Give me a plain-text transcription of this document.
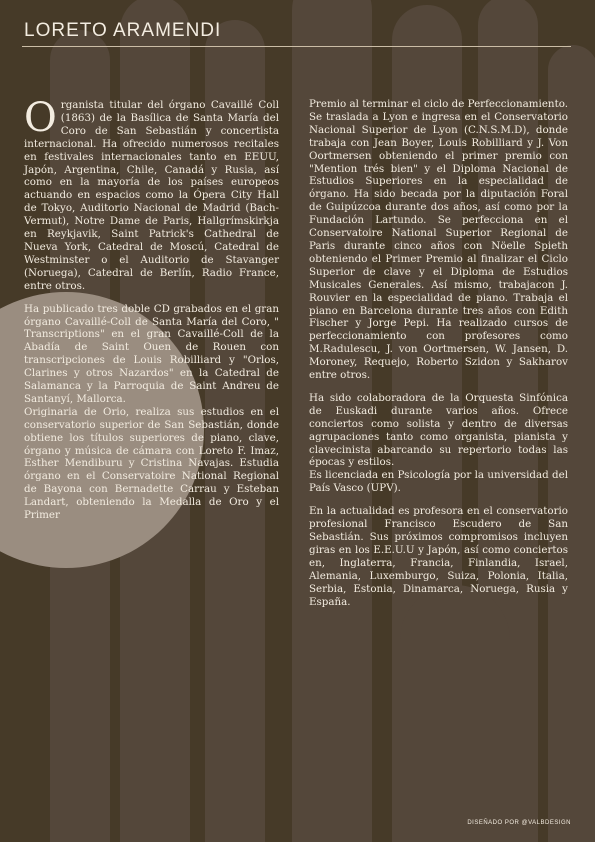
LORETO ARAMENDI

Organista titular del órgano Cavaillé Coll (1863) de la Basílica de Santa María del Coro de San Sebastián y concertista internacional. Ha ofrecido numerosos recitales en festivales internacionales tanto en EEUU, Japón, Argentina, Chile, Canadá y Rusia, así como en la mayoría de los países europeos actuando en espacios como la Ópera City Hall de Tokyo, Auditorio Nacional de Madrid (Bach-Vermut), Notre Dame de Paris, Hallgrímskirkja en Reykjavik, Saint Patrick's Cathedral de Nueva York, Catedral de Moscú, Catedral de Westminster o el Auditorio de Stavanger (Noruega), Catedral de Berlín, Radio France, entre otros.

Ha publicado tres doble CD grabados en el gran órgano Cavaillé-Coll de Santa María del Coro, " Transcriptions" en el gran Cavaillé-Coll de la Abadía de Saint Ouen de Rouen con transcripciones de Louis Robilliard y "Orlos, Clarines y otros Nazardos" en la Catedral de Salamanca y la Parroquia de Saint Andreu de Santanyí, Mallorca.

Originaria de Orio, realiza sus estudios en el conservatorio superior de San Sebastián, donde obtiene los títulos superiores de piano, clave, órgano y música de cámara con Loreto F. Imaz, Esther Mendiburu y Cristina Navajas. Estudia órgano en el Conservatoire National Regional de Bayona con Bernadette Carrau y Esteban Landart, obteniendo la Medalla de Oro y el Primer

Premio al terminar el ciclo de Perfeccionamiento. Se traslada a Lyon e ingresa en el Conservatorio Nacional Superior de Lyon (C.N.S.M.D), donde trabaja con Jean Boyer, Louis Robilliard y J. Von Oortmersen obteniendo el primer premio con "Mention trés bien" y el Diploma Nacional de Estudios Superiores en la especialidad de órgano. Ha sido becada por la diputación Foral de Guipúzcoa durante dos años, así como por la Fundación Lartundo. Se perfecciona en el Conservatoire National Superior Regional de Paris durante cinco años con Nöelle Spieth obteniendo el Primer Premio al finalizar el Ciclo Superior de clave y el Diploma de Estudios Musicales Generales. Así mismo, trabajacon J. Rouvier en la especialidad de piano. Trabaja el piano en Barcelona durante tres años con Edith Fischer y Jorge Pepi. Ha realizado cursos de perfeccionamiento con profesores como M.Radulescu, J. von Oortmersen, W. Jansen, D. Moroney, Requejo, Roberto Szidon y Sakharov entre otros.

Ha sido colaboradora de la Orquesta Sinfónica de Euskadi durante varios años. Ofrece conciertos como solista y dentro de diversas agrupaciones tanto como organista, pianista y clavecinista abarcando su repertorio todas las épocas y estilos.

Es licenciada en Psicología por la universidad del País Vasco (UPV).

En la actualidad es profesora en el conservatorio profesional Francisco Escudero de San Sebastián. Sus próximos compromisos incluyen giras en los E.E.U.U y Japón, así como conciertos en, Inglaterra, Francia, Finlandia, Israel, Alemania, Luxemburgo, Suiza, Polonia, Italia, Serbia, Estonia, Dinamarca, Noruega, Rusia y España.

DISEÑADO POR @VALBDESIGN
